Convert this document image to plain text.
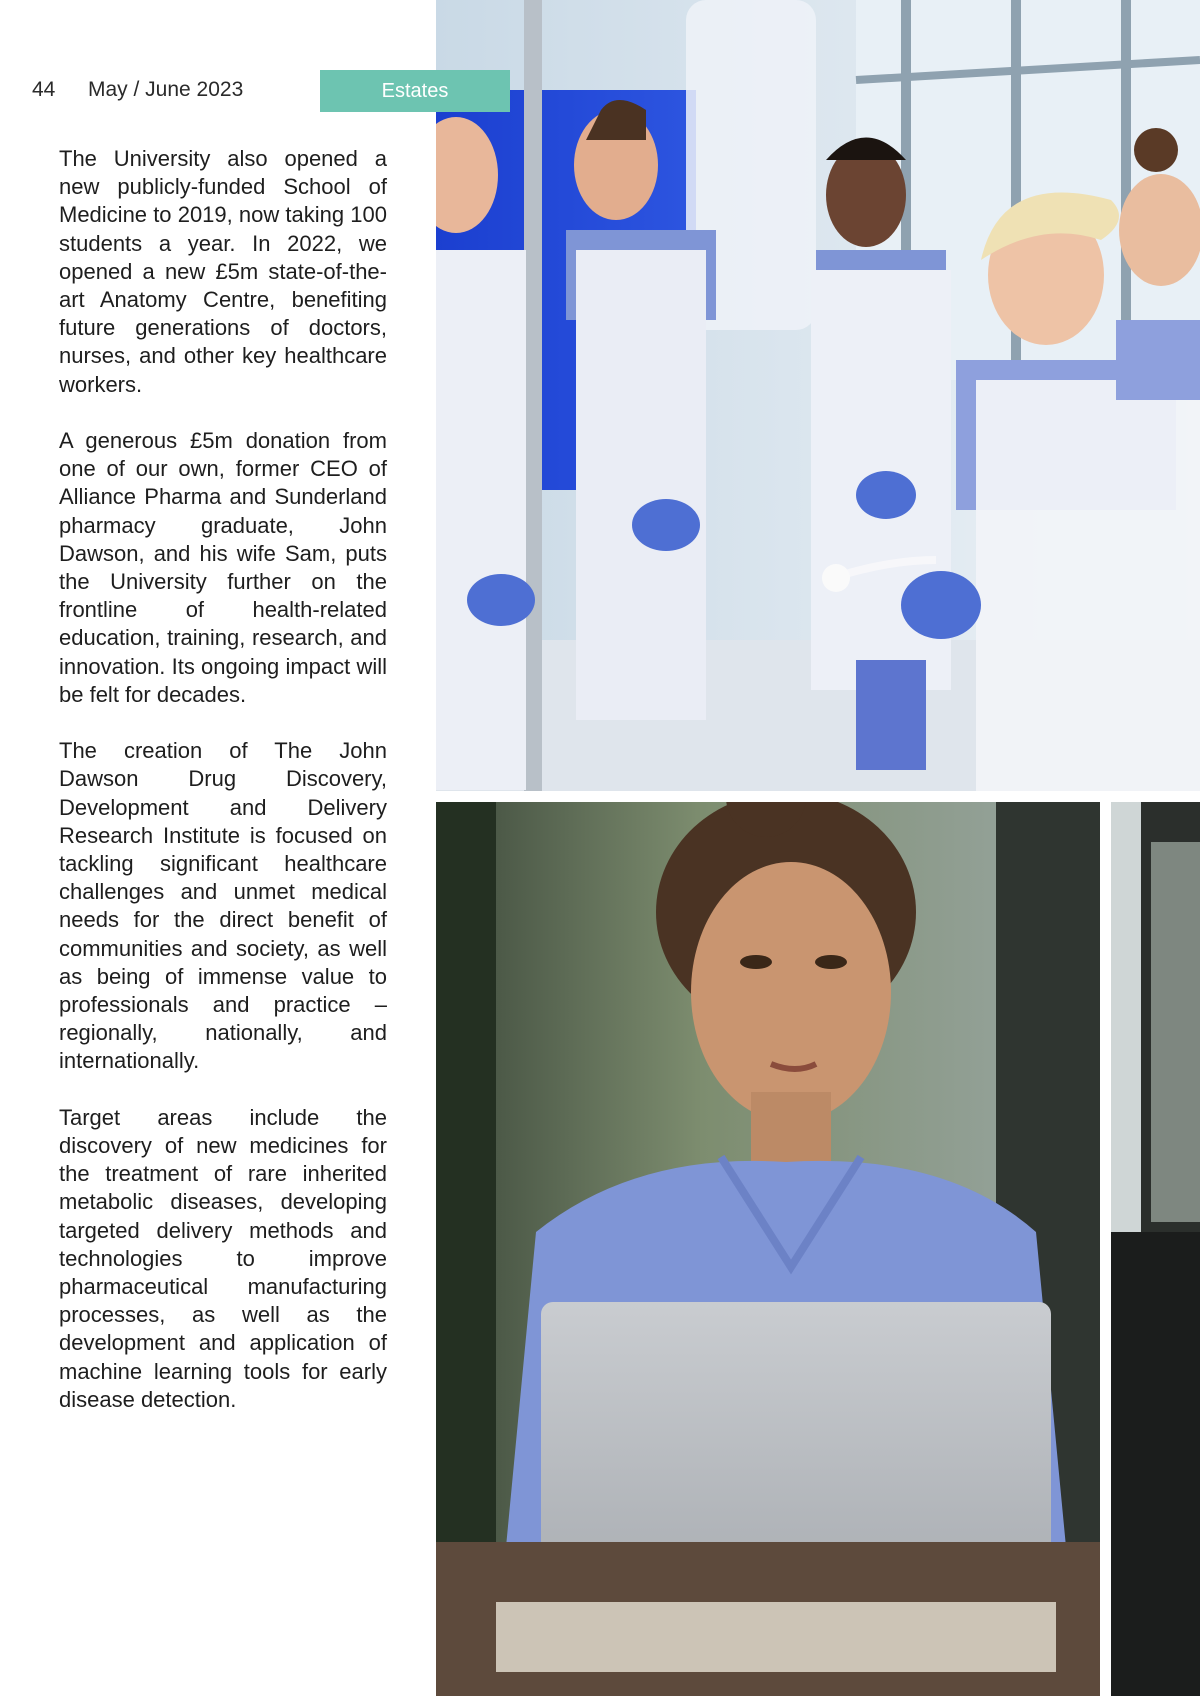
44 May / June 2023	Estates

The University also opened a new publicly-funded School of Medicine to 2019, now taking 100 students a year. In 2022, we opened a new £5m state-of-the-art Anatomy Centre, benefiting future generations of doctors, nurses, and other key healthcare workers.

A generous £5m donation from one of our own, former CEO of Alliance Pharma and Sunderland pharmacy graduate, John Dawson, and his wife Sam, puts the University further on the frontline of health-related education, training, research, and innovation. Its ongoing impact will be felt for decades.

The creation of The John Dawson Drug Discovery, Development and Delivery Research Institute is focused on tackling significant healthcare challenges and unmet medical needs for the direct benefit of communities and society, as well as being of immense value to professionals and practice – regionally, nationally, and internationally.

Target areas include the discovery of new medicines for the treatment of rare inherited metabolic diseases, developing targeted delivery methods and technologies to improve pharmaceutical manufacturing processes, as well as the development and application of machine learning tools for early disease detection.
